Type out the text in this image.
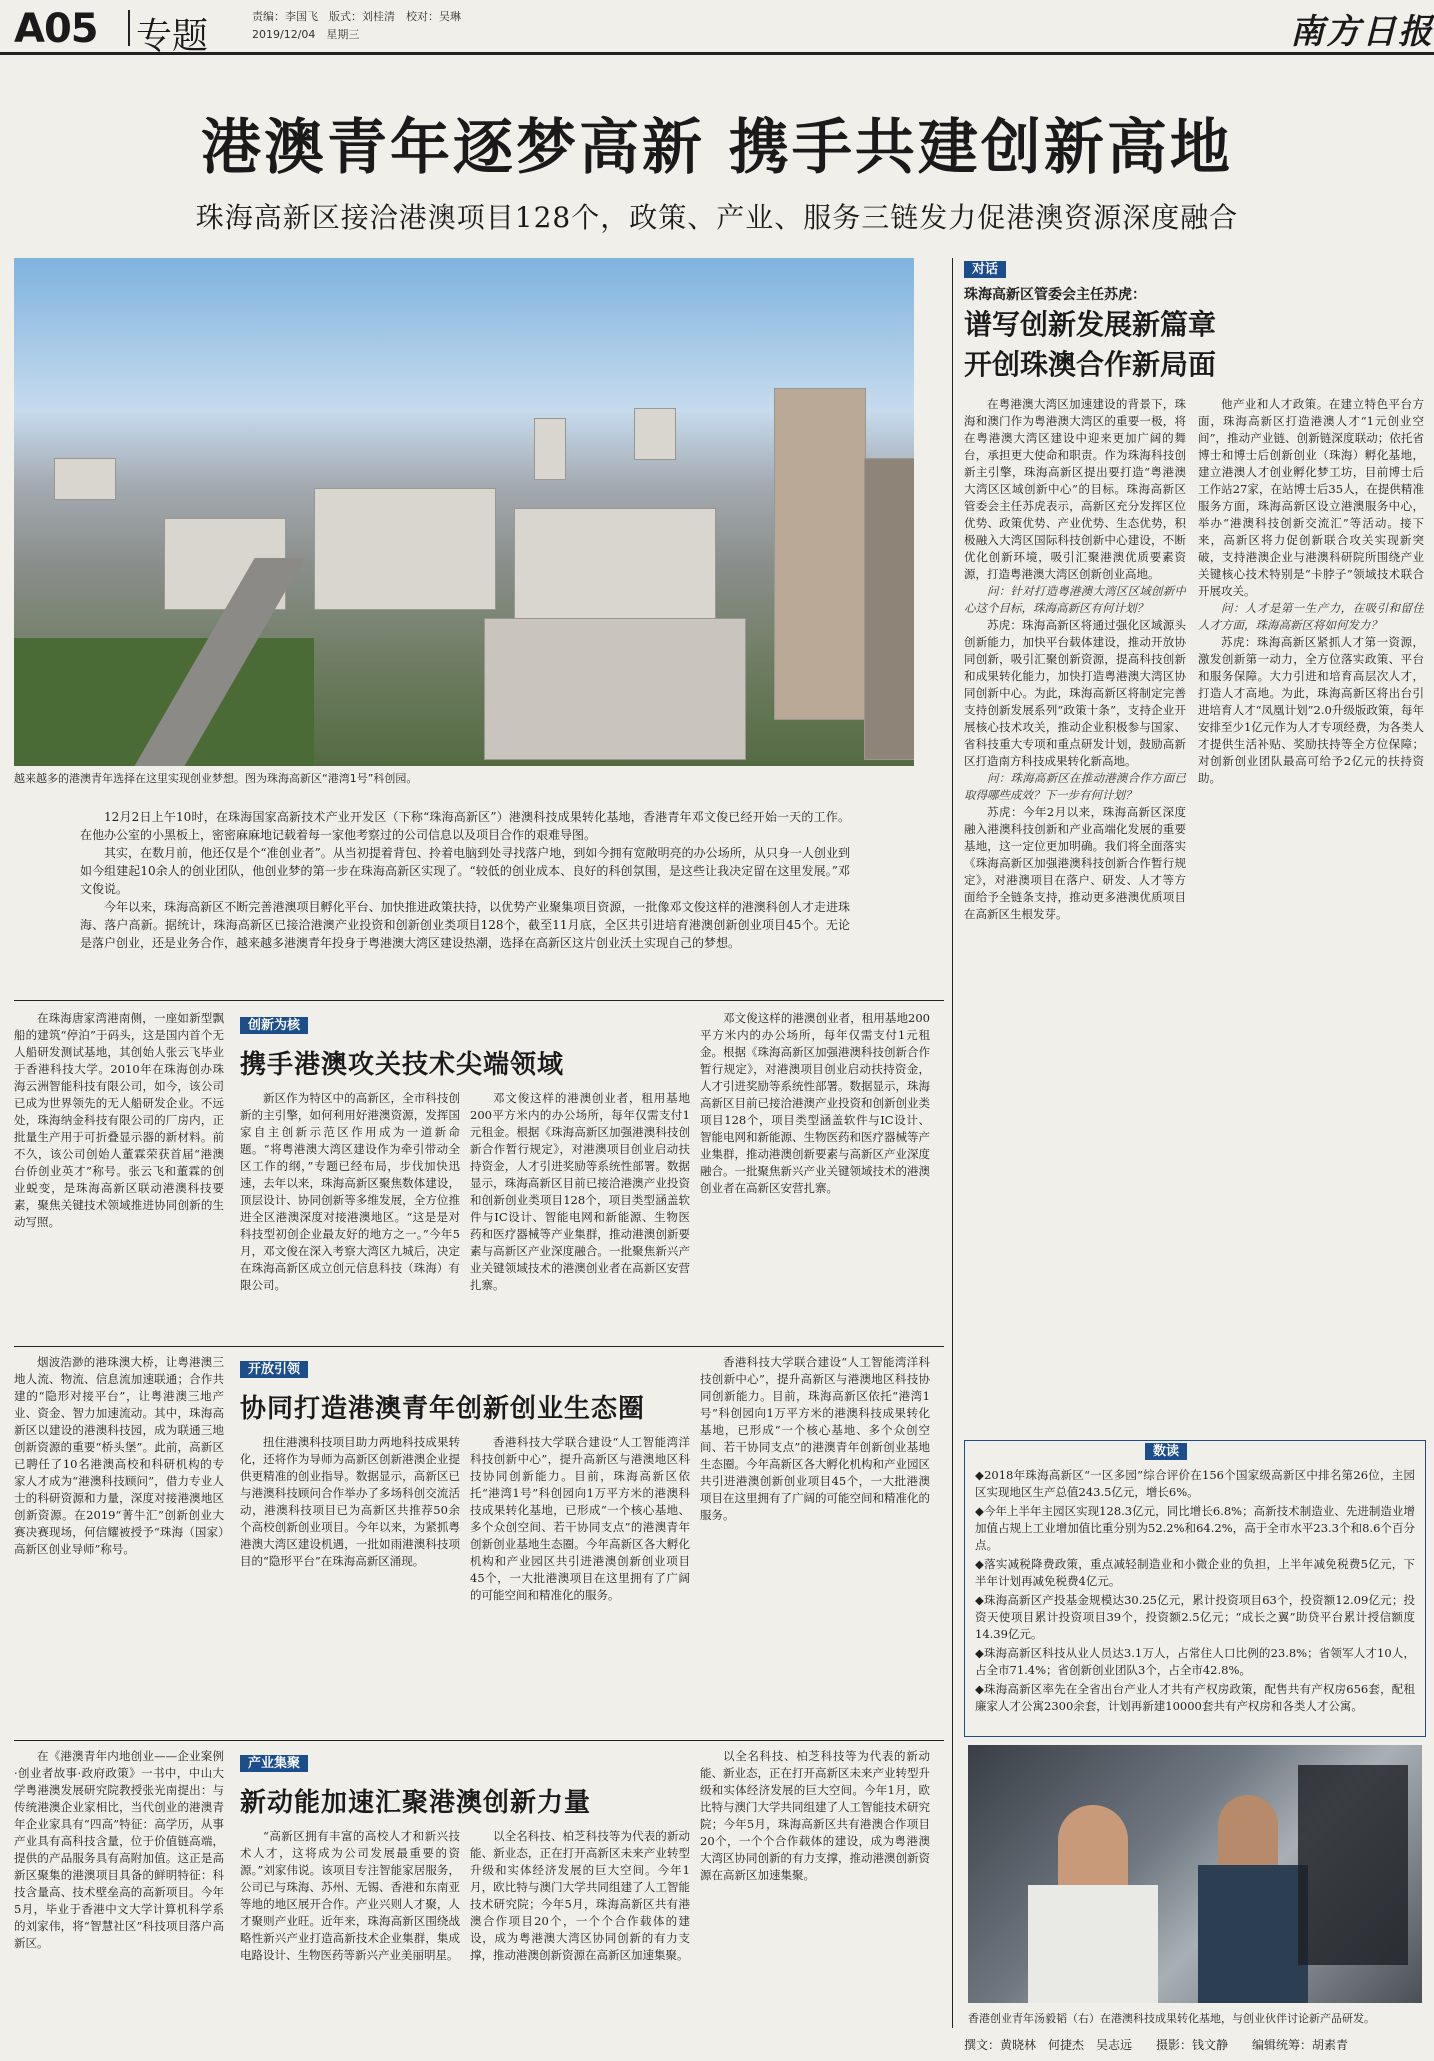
A05 专题	责编：李国飞　版式：刘桂清　校对：吴琳
2019/12/04　星期三	南方日报
港澳青年逐梦高新 携手共建创新高地
珠海高新区接洽港澳项目128个，政策、产业、服务三链发力促港澳资源深度融合
越来越多的港澳青年选择在这里实现创业梦想。图为珠海高新区“港湾1号”科创园。

12月2日上午10时，在珠海国家高新技术产业开发区（下称“珠海高新区”）港澳科技成果转化基地，香港青年邓文俊已经开始一天的工作。在他办公室的小黑板上，密密麻麻地记载着每一家他考察过的公司信息以及项目合作的艰难导图。

其实，在数月前，他还仅是个“准创业者”。从当初提着背包、拎着电脑到处寻找落户地，到如今拥有宽敞明亮的办公场所，从只身一人创业到如今组建起10余人的创业团队，他创业梦的第一步在珠海高新区实现了。“较低的创业成本、良好的科创氛围，是这些让我决定留在这里发展。”邓文俊说。

今年以来，珠海高新区不断完善港澳项目孵化平台、加快推进政策扶持，以优势产业聚集项目资源，一批像邓文俊这样的港澳科创人才走进珠海、落户高新。据统计，珠海高新区已接洽港澳产业投资和创新创业类项目128个，截至11月底，全区共引进培育港澳创新创业项目45个。无论是落户创业，还是业务合作，越来越多港澳青年投身于粤港澳大湾区建设热潮，选择在高新区这片创业沃土实现自己的梦想。

在珠海唐家湾港南侧，一座如新型飘船的建筑“停泊”于码头，这是国内首个无人船研发测试基地，其创始人张云飞毕业于香港科技大学。2010年在珠海创办珠海云洲智能科技有限公司，如今，该公司已成为世界领先的无人船研发企业。不远处，珠海纳金科技有限公司的厂房内，正批量生产用于可折叠显示器的新材料。前不久，该公司创始人董霖荣获首届“港澳台侨创业英才”称号。张云飞和董霖的创业蜕变，是珠海高新区联动港澳科技要素，聚焦关键技术领域推进协同创新的生动写照。

创新为核
携手港澳攻关技术尖端领域

新区作为特区中的高新区，全市科技创新的主引擎，如何利用好港澳资源，发挥国家自主创新示范区作用成为一道新命题。“将粤港澳大湾区建设作为牵引带动全区工作的纲，”专题已经布局，步伐加快迅速，去年以来，珠海高新区聚焦数体建设，顶层设计、协同创新等多维发展，全方位推进全区港澳深度对接港澳地区。“这是是对科技型初创企业最友好的地方之一。”今年5月，邓文俊在深入考察大湾区九城后，决定在珠海高新区成立创元信息科技（珠海）有限公司。

邓文俊这样的港澳创业者，租用基地200平方米内的办公场所，每年仅需支付1元租金。根据《珠海高新区加强港澳科技创新合作暂行规定》，对港澳项目创业启动扶持资金，人才引进奖励等系统性部署。数据显示，珠海高新区目前已接洽港澳产业投资和创新创业类项目128个，项目类型涵盖软件与IC设计、智能电网和新能源、生物医药和医疗器械等产业集群，推动港澳创新要素与高新区产业深度融合。一批聚焦新兴产业关键领域技术的港澳创业者在高新区安营扎寨。

邓文俊这样的港澳创业者，租用基地200平方米内的办公场所，每年仅需支付1元租金。根据《珠海高新区加强港澳科技创新合作暂行规定》，对港澳项目创业启动扶持资金，人才引进奖励等系统性部署。数据显示，珠海高新区目前已接洽港澳产业投资和创新创业类项目128个，项目类型涵盖软件与IC设计、智能电网和新能源、生物医药和医疗器械等产业集群，推动港澳创新要素与高新区产业深度融合。一批聚焦新兴产业关键领域技术的港澳创业者在高新区安营扎寨。

烟波浩渺的港珠澳大桥，让粤港澳三地人流、物流、信息流加速联通；合作共建的“隐形对接平台”，让粤港澳三地产业、资金、智力加速流动。其中，珠海高新区以建设的港澳科技园，成为联通三地创新资源的重要“桥头堡”。此前，高新区已聘任了10名港澳高校和科研机构的专家人才成为“港澳科技顾问”，借力专业人士的科研资源和力量，深度对接港澳地区创新资源。在2019“菁牛汇”创新创业大赛决赛现场，何信耀被授予“珠海（国家）高新区创业导师”称号。

开放引领
协同打造港澳青年创新创业生态圈

扭住港澳科技项目助力两地科技成果转化，还将作为导师为高新区创新港澳企业提供更精准的创业指导。数据显示，高新区已与港澳科技顾问合作举办了多场科创交流活动，港澳科技项目已为高新区共推荐50余个高校创新创业项目。今年以来，为紧抓粤港澳大湾区建设机遇，一批如雨港澳科技项目的“隐形平台”在珠海高新区涌现。

香港科技大学联合建设“人工智能湾洋科技创新中心”，提升高新区与港澳地区科技协同创新能力。目前，珠海高新区依托“港湾1号”科创园向1万平方米的港澳科技成果转化基地，已形成“一个核心基地、多个众创空间、若干协同支点”的港澳青年创新创业基地生态圈。今年高新区各大孵化机构和产业园区共引进港澳创新创业项目45个，一大批港澳项目在这里拥有了广阔的可能空间和精准化的服务。

香港科技大学联合建设“人工智能湾洋科技创新中心”，提升高新区与港澳地区科技协同创新能力。目前，珠海高新区依托“港湾1号”科创园向1万平方米的港澳科技成果转化基地，已形成“一个核心基地、多个众创空间、若干协同支点”的港澳青年创新创业基地生态圈。今年高新区各大孵化机构和产业园区共引进港澳创新创业项目45个，一大批港澳项目在这里拥有了广阔的可能空间和精准化的服务。

在《港澳青年内地创业——企业案例·创业者故事·政府政策》一书中，中山大学粤港澳发展研究院教授张光南提出：与传统港澳企业家相比，当代创业的港澳青年企业家具有“四高”特征：高学历，从事产业具有高科技含量，位于价值链高端，提供的产品服务具有高附加值。这正是高新区聚集的港澳项目具备的鲜明特征：科技含量高、技术壁垒高的高新项目。今年5月，毕业于香港中文大学计算机科学系的刘家伟，将“智慧社区”科技项目落户高新区。

产业集聚
新动能加速汇聚港澳创新力量

“高新区拥有丰富的高校人才和新兴技术人才，这将成为公司发展最重要的资源。”刘家伟说。该项目专注智能家居服务，公司已与珠海、苏州、无锡、香港和东南亚等地的地区展开合作。产业兴则人才聚，人才聚则产业旺。近年来，珠海高新区围绕战略性新兴产业打造高新技术企业集群，集成电路设计、生物医药等新兴产业美丽明星。

以全名科技、柏芝科技等为代表的新动能、新业态，正在打开高新区未来产业转型升级和实体经济发展的巨大空间。今年1月，欧比特与澳门大学共同组建了人工智能技术研究院；今年5月，珠海高新区共有港澳合作项目20个，一个个合作载体的建设，成为粤港澳大湾区协同创新的有力支撑，推动港澳创新资源在高新区加速集聚。

以全名科技、柏芝科技等为代表的新动能、新业态，正在打开高新区未来产业转型升级和实体经济发展的巨大空间。今年1月，欧比特与澳门大学共同组建了人工智能技术研究院；今年5月，珠海高新区共有港澳合作项目20个，一个个合作载体的建设，成为粤港澳大湾区协同创新的有力支撑，推动港澳创新资源在高新区加速集聚。

对话
珠海高新区管委会主任苏虎：
谱写创新发展新篇章
开创珠澳合作新局面

在粤港澳大湾区加速建设的背景下，珠海和澳门作为粤港澳大湾区的重要一极，将在粤港澳大湾区建设中迎来更加广阔的舞台，承担更大使命和职责。作为珠海科技创新主引擎，珠海高新区提出要打造“粤港澳大湾区区域创新中心”的目标。珠海高新区管委会主任苏虎表示，高新区充分发挥区位优势、政策优势、产业优势、生态优势，积极融入大湾区国际科技创新中心建设，不断优化创新环境，吸引汇聚港澳优质要素资源，打造粤港澳大湾区创新创业高地。

问：针对打造粤港澳大湾区区域创新中心这个目标，珠海高新区有何计划？

苏虎：珠海高新区将通过强化区域源头创新能力，加快平台载体建设，推动开放协同创新，吸引汇聚创新资源，提高科技创新和成果转化能力，加快打造粤港澳大湾区协同创新中心。为此，珠海高新区将制定完善支持创新发展系列“政策十条”，支持企业开展核心技术攻关，推动企业积极参与国家、省科技重大专项和重点研发计划，鼓励高新区打造南方科技成果转化新高地。

问：珠海高新区在推动港澳合作方面已取得哪些成效？下一步有何计划？

苏虎：今年2月以来，珠海高新区深度融入港澳科技创新和产业高端化发展的重要基地，这一定位更加明确。我们将全面落实《珠海高新区加强港澳科技创新合作暂行规定》，对港澳项目在落户、研发、人才等方面给予全链条支持，推动更多港澳优质项目在高新区生根发芽。

他产业和人才政策。在建立特色平台方面，珠海高新区打造港澳人才“1元创业空间”，推动产业链、创新链深度联动；依托省博士和博士后创新创业（珠海）孵化基地，建立港澳人才创业孵化梦工坊，目前博士后工作站27家，在站博士后35人，在提供精准服务方面，珠海高新区设立港澳服务中心，举办“港澳科技创新交流汇”等活动。接下来，高新区将力促创新联合攻关实现新突破，支持港澳企业与港澳科研院所围绕产业关键核心技术特别是“卡脖子”领域技术联合开展攻关。

问：人才是第一生产力，在吸引和留住人才方面，珠海高新区将如何发力？

苏虎：珠海高新区紧抓人才第一资源，激发创新第一动力，全方位落实政策、平台和服务保障。大力引进和培育高层次人才，打造人才高地。为此，珠海高新区将出台引进培育人才“凤凰计划”2.0升级版政策，每年安排至少1亿元作为人才专项经费，为各类人才提供生活补贴、奖励扶持等全方位保障；对创新创业团队最高可给予2亿元的扶持资助。

数读

◆2018年珠海高新区“一区多园”综合评价在156个国家级高新区中排名第26位，主园区实现地区生产总值243.5亿元，增长6%。

◆今年上半年主园区实现128.3亿元，同比增长6.8%；高新技术制造业、先进制造业增加值占规上工业增加值比重分别为52.2%和64.2%，高于全市水平23.3个和8.6个百分点。

◆落实减税降费政策，重点减轻制造业和小微企业的负担，上半年减免税费5亿元，下半年计划再减免税费4亿元。

◆珠海高新区产投基金规模达30.25亿元，累计投资项目63个，投资额12.09亿元；投资天使项目累计投资项目39个，投资额2.5亿元；“成长之翼”助贷平台累计授信额度14.39亿元。

◆珠海高新区科技从业人员达3.1万人，占常住人口比例的23.8%；省领军人才10人，占全市71.4%；省创新创业团队3个，占全市42.8%。

◆珠海高新区率先在全省出台产业人才共有产权房政策，配售共有产权房656套，配租廉家人才公寓2300余套，计划再新建10000套共有产权房和各类人才公寓。

香港创业青年汤毅韬（右）在港澳科技成果转化基地，与创业伙伴讨论新产品研发。
撰文：黄晓林　何捷杰　吴志远　　摄影：钱文静　　编辑统筹：胡素青
